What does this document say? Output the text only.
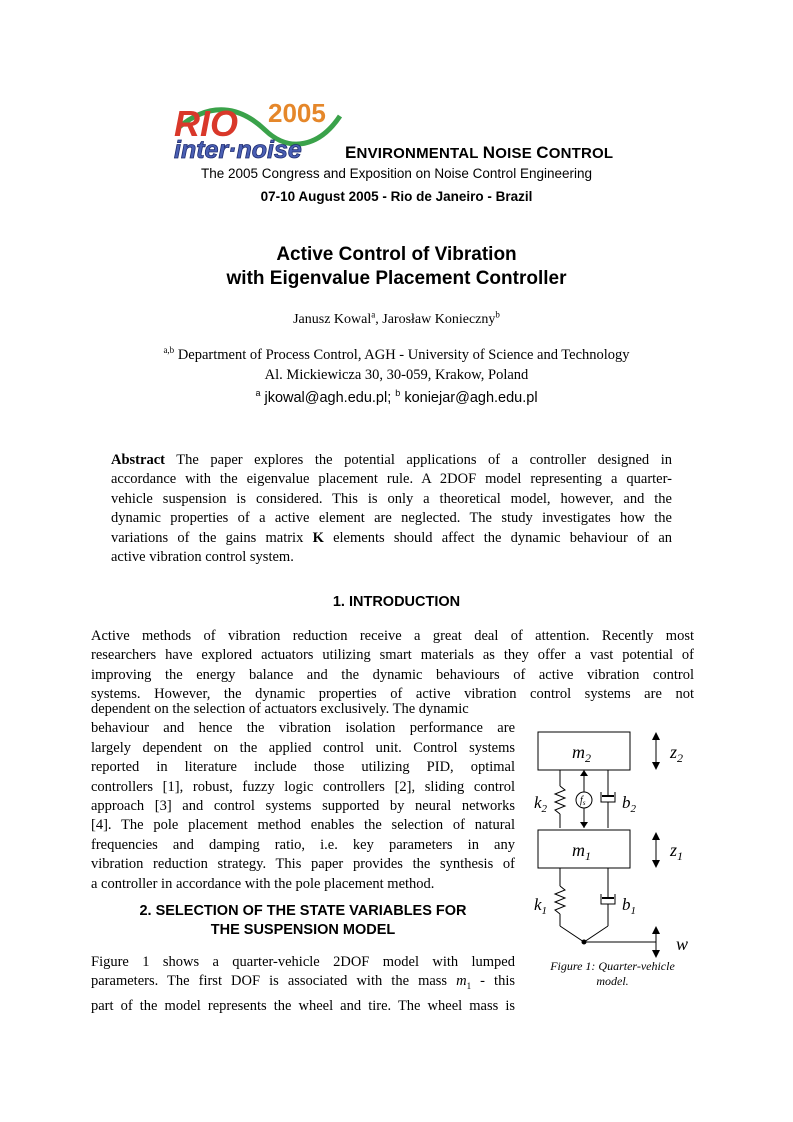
RIO 2005
inter·noise	ENVIRONMENTAL NOISE CONTROL
The 2005 Congress and Exposition on Noise Control Engineering
07-10 August 2005 - Rio de Janeiro - Brazil
Active Control of Vibration
with Eigenvalue Placement Controller
Janusz Kowal$^a$, Jarosław Konieczny$^b$
$^{a,b}$ Department of Process Control, AGH - University of Science and Technology
Al. Mickiewicza 30, 30-059, Krakow, Poland
$^a$ jkowal@agh.edu.pl; $^b$ koniejar@agh.edu.pl
Abstract The paper explores the potential applications of a controller designed in
accordance with the eigenvalue placement rule. A 2DOF model representing a quarter-
vehicle suspension is considered. This is only a theoretical model, however, and the
dynamic properties of a active element are neglected. The study investigates how the
variations of the gains matrix K elements should affect the dynamic behaviour of an
active vibration control system.
1. INTRODUCTION
Active methods of vibration reduction receive a great deal of attention. Recently most
researchers have explored actuators utilizing smart materials as they offer a vast potential of
improving the energy balance and the dynamic behaviours of active vibration control
systems. However, the dynamic properties of active vibration control systems are not
dependent on the selection of actuators exclusively. The dynamic
behaviour and hence the vibration isolation performance are
largely dependent on the applied control unit. Control systems
reported in literature include those utilizing PID, optimal
controllers [1], robust, fuzzy logic controllers [2], sliding control
approach [3] and control systems supported by neural networks
[4]. The pole placement method enables the selection of natural
frequencies and damping ratio, i.e. key parameters in any
vibration reduction strategy. This paper provides the synthesis of
a controller in accordance with the pole placement method.
2. SELECTION OF THE STATE VARIABLES FOR
THE SUSPENSION MODEL
Figure 1 shows a quarter-vehicle 2DOF model with lumped
parameters. The first DOF is associated with the mass $m_1$ - this
part of the model represents the wheel and tire. The wheel mass is
$m_2$	$z_2$
$k_2$
$f_s$ $b_2$
$m_1$	$z_1$
$k_1$	$b_1$
w
Figure 1: Quarter-vehicle
model.
